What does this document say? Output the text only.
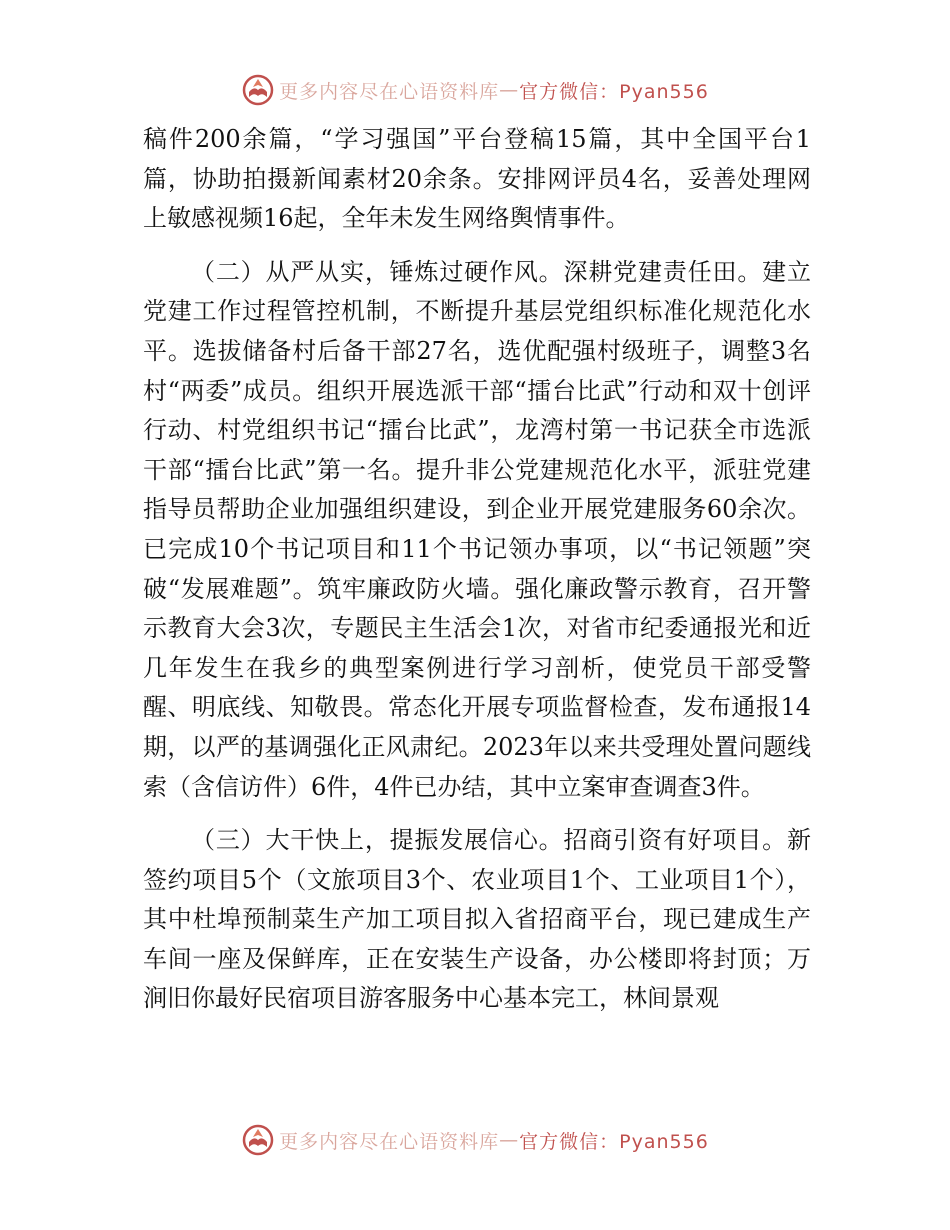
更多内容尽在心语资料库 — 官方微信：Pyan556

稿件200余篇，“学习强国”平台登稿15篇，其中全国平台1篇，协助拍摄新闻素材20余条。安排网评员4名，妥善处理网上敏感视频16起，全年未发生网络舆情事件。

（二）从严从实，锤炼过硬作风。深耕党建责任田。建立党建工作过程管控机制，不断提升基层党组织标准化规范化水平。选拔储备村后备干部27名，选优配强村级班子，调整3名村“两委”成员。组织开展选派干部“擂台比武”行动和双十创评行动、村党组织书记“擂台比武”，龙湾村第一书记获全市选派干部“擂台比武”第一名。提升非公党建规范化水平，派驻党建指导员帮助企业加强组织建设，到企业开展党建服务60余次。已完成10个书记项目和11个书记领办事项，以“书记领题”突破“发展难题”。筑牢廉政防火墙。强化廉政警示教育，召开警示教育大会3次，专题民主生活会1次，对省市纪委通报光和近几年发生在我乡的典型案例进行学习剖析，使党员干部受警醒、明底线、知敬畏。常态化开展专项监督检查，发布通报14期，以严的基调强化正风肃纪。2023年以来共受理处置问题线索（含信访件）6件，4件已办结，其中立案审查调查3件。

（三）大干快上，提振发展信心。招商引资有好项目。新签约项目5个（文旅项目3个、农业项目1个、工业项目1个），其中杜埠预制菜生产加工项目拟入省招商平台，现已建成生产车间一座及保鲜库，正在安装生产设备，办公楼即将封顶；万涧旧你最好民宿项目游客服务中心基本完工，林间景观

更多内容尽在心语资料库 — 官方微信：Pyan556
